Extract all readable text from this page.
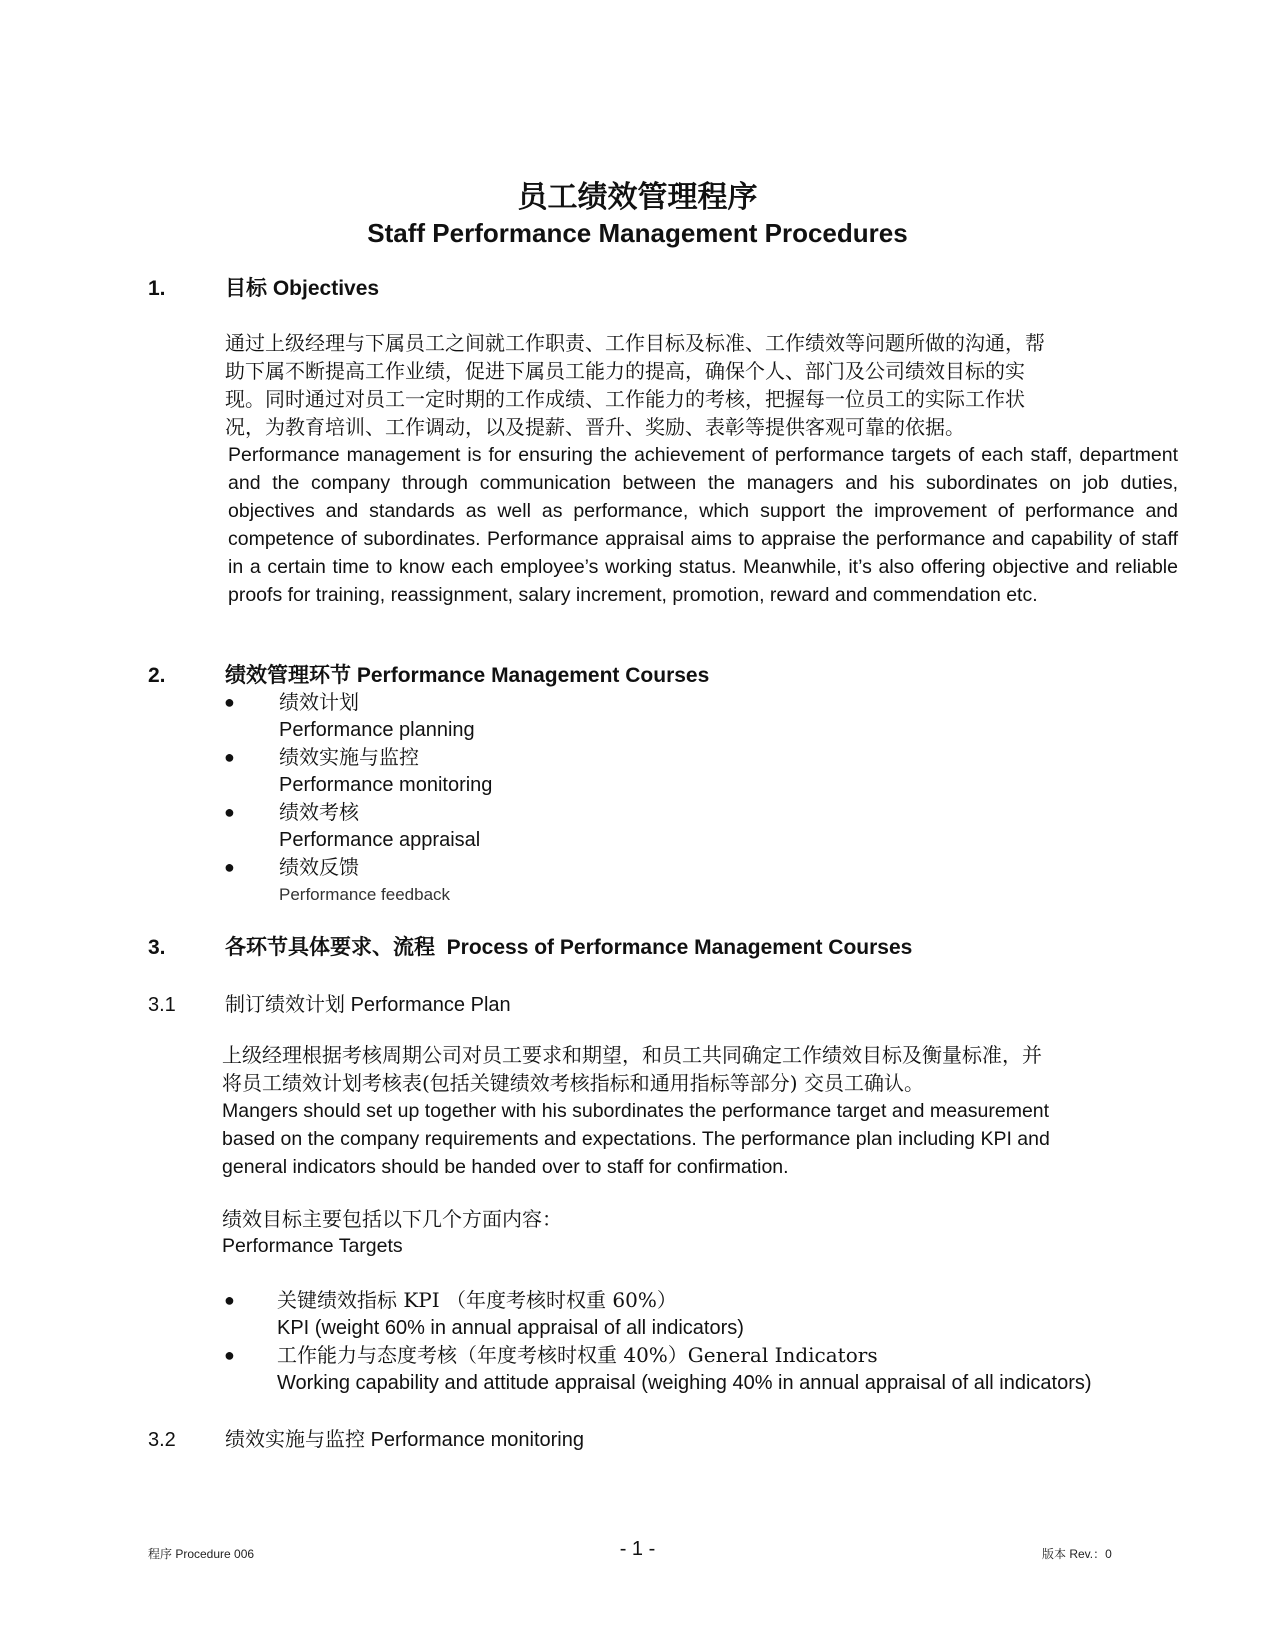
员工绩效管理程序
Staff Performance Management Procedures
1.	目标 Objectives
通过上级经理与下属员工之间就工作职责、工作目标及标准、工作绩效等问题所做的沟通，帮
助下属不断提高工作业绩，促进下属员工能力的提高，确保个人、部门及公司绩效目标的实
现。同时通过对员工一定时期的工作成绩、工作能力的考核，把握每一位员工的实际工作状
况，为教育培训、工作调动，以及提薪、晋升、奖励、表彰等提供客观可靠的依据。
Performance management is for ensuring the achievement of performance targets of each staff, department and the company through communication between the managers and his subordinates on job duties, objectives and standards as well as performance, which support the improvement of performance and competence of subordinates. Performance appraisal aims to appraise the performance and capability of staff in a certain time to know each employee’s working status. Meanwhile, it’s also offering objective and reliable proofs for training, reassignment, salary increment, promotion, reward and commendation etc.
2.	绩效管理环节 Performance Management Courses
● 绩效计划
Performance planning
● 绩效实施与监控
Performance monitoring
● 绩效考核
Performance appraisal
● 绩效反馈
Performance feedback
3.	各环节具体要求、流程 Process of Performance Management Courses
3.1 制订绩效计划 Performance Plan
上级经理根据考核周期公司对员工要求和期望，和员工共同确定工作绩效目标及衡量标准，并
将员工绩效计划考核表(包括关键绩效考核指标和通用指标等部分) 交员工确认。
Mangers should set up together with his subordinates the performance target and measurement
based on the company requirements and expectations. The performance plan including KPI and
general indicators should be handed over to staff for confirmation.
绩效目标主要包括以下几个方面内容：
Performance Targets
● 关键绩效指标 KPI （年度考核时权重 60%）
KPI (weight 60% in annual appraisal of all indicators)
● 工作能力与态度考核（年度考核时权重 40%）General Indicators
Working capability and attitude appraisal (weighing 40% in annual appraisal of all indicators)
3.2 绩效实施与监控 Performance monitoring
程序 Procedure 006	- 1 -	版本 Rev.：0
